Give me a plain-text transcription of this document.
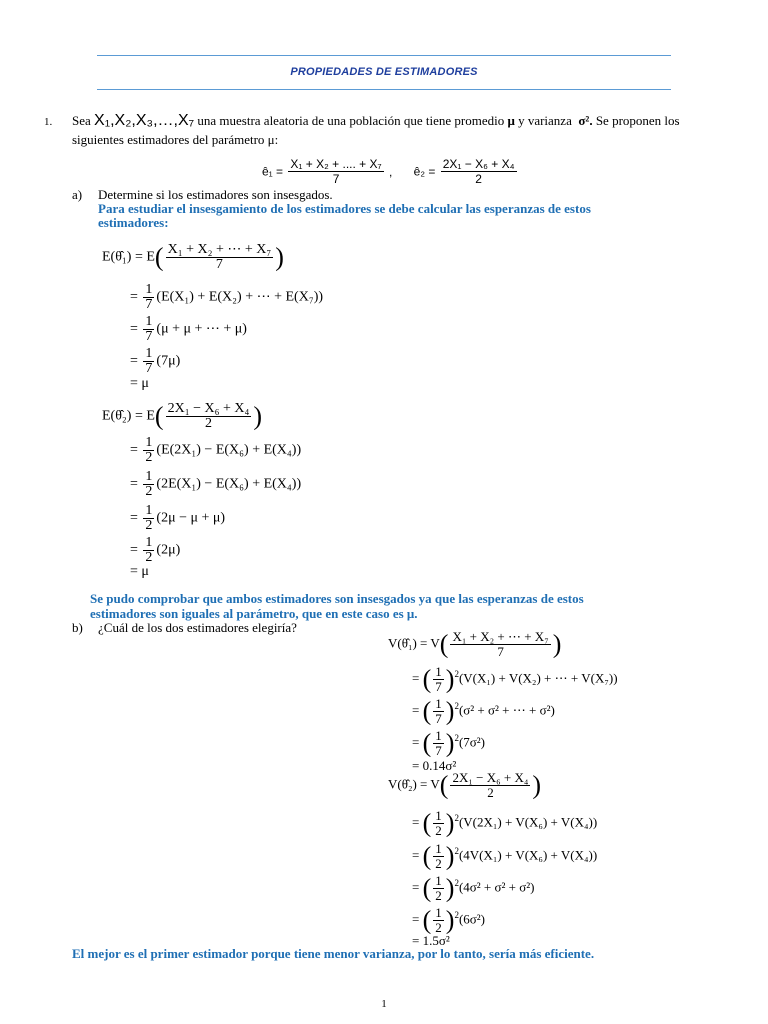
PROPIEDADES DE ESTIMADORES
1. Sea X₁,X₂,X₃,…,X₇ una muestra aleatoria de una población que tiene promedio μ y varianza σ². Se proponen los
siguientes estimadores del parámetro μ:
ê₁ = $\frac{\text{X₁ + X₂ + .... + X₇}}{7}$ , ê₂ = $\frac{\text{2X₁ − X₆ + X₄}}{2}$
a) Determine si los estimadores son insesgados.
Para estudiar el insesgamiento de los estimadores se debe calcular las esperanzas de estos
estimadores:
E(θ̂₁) = $E( \frac{\text{X₁ + X₂ + ⋯ + X₇}}{7}$ )
= $\frac{1}{7} (E(X_1) + E(X_2)$ + ⋯ + E(X₇))
= $\frac{1}{7} (\mu + \mu$ + ⋯ + μ)
= $\frac{1}{7} (7\mu)$
= μ
E(θ̂₂) = $E( \frac{\text{2X₁ − X₆ + X₄}}{2}$ )
= $\frac{1}{2} (E(2X_1) - E(X_6) + E(X_4))$
= $\frac{1}{2} (2E(X_1) - E(X_6) + E(X_4))$
= $\frac{1}{2} (2\mu - \mu + \mu)$
= $\frac{1}{2} (2\mu)$
= μ
Se pudo comprobar que ambos estimadores son insesgados ya que las esperanzas de estos
estimadores son iguales al parámetro, que en este caso es μ.
b) ¿Cuál de los dos estimadores elegiría?
V(θ̂₁) = $V( \frac{\text{X₁ + X₂ + ⋯ + X₇}}{7}$ )
= ( $\frac{1}{7} )^2(V(X_1) + V(X_2)$ + ⋯ + V(X₇))
= ( $\frac{1}{7} )^2(\sigma^2 + \sigma^2$ + ⋯ + σ²)
= ( $\frac{1}{7} )^2(7\sigma^2)$
= 0.14σ²
V(θ̂₂) = $V( \frac{\text{2X₁ − X₆ + X₄}}{2}$ )
= ( $\frac{1}{2} )^2(V(2X_1) + V(X_6) + V(X_4))$
= ( $\frac{1}{2} )^2(4V(X_1) + V(X_6) + V(X_4))$
= ( $\frac{1}{2} )^2(4\sigma^2 + \sigma^2 + \sigma^2)$
= ( $\frac{1}{2} )^2(6\sigma^2)$
= 1.5σ²
El mejor es el primer estimador porque tiene menor varianza, por lo tanto, sería más eficiente.
1
